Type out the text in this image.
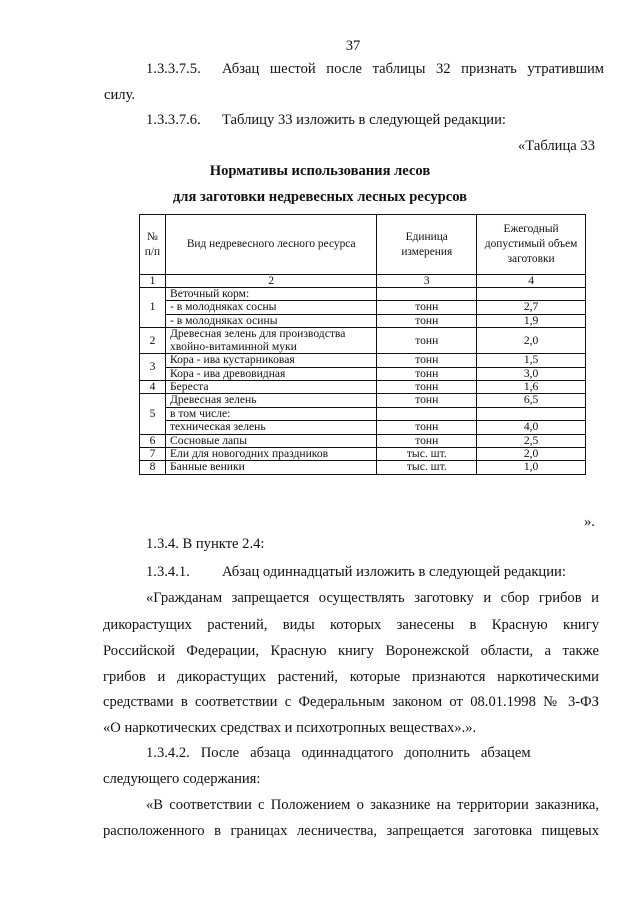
37
1.3.3.7.5. Абзац шестой после таблицы 32 признать утратившим
силу.
1.3.3.7.6. Таблицу 33 изложить в следующей редакции:
«Таблица 33
Нормативы использования лесов
для заготовки недревесных лесных ресурсов
№ п/п	Вид недревесного лесного ресурса	Единица измерения	Ежегодный допустимый объем заготовки
1	2	3	4
1	Веточный корм:		
	- в молодняках сосны	тонн	2,7
	- в молодняках осины	тонн	1,9
2	Древесная зелень для производства хвойно-витаминной муки	тонн	2,0
3	Кора - ива кустарниковая	тонн	1,5
	Кора - ива древовидная	тонн	3,0
4	Береста	тонн	1,6
5	Древесная зелень	тонн	6,5
	в том числе:		
	техническая зелень	тонн	4,0
6	Сосновые лапы	тонн	2,5
7	Ели для новогодних праздников	тыс. шт.	2,0
8	Банные веники	тыс. шт.	1,0
».
1.3.4. В пункте 2.4:
1.3.4.1. Абзац одиннадцатый изложить в следующей редакции:
«Гражданам запрещается осуществлять заготовку и сбор грибов и
дикорастущих растений, виды которых занесены в Красную книгу
Российской Федерации, Красную книгу Воронежской области, а также
грибов и дикорастущих растений, которые признаются наркотическими
средствами в соответствии с Федеральным законом от 08.01.1998 № 3-ФЗ
«О наркотических средствах и психотропных веществах».».
1.3.4.2.   После   абзаца   одиннадцатого   дополнить   абзацем
следующего содержания:
«В соответствии с Положением о заказнике на территории заказника,
расположенного в границах лесничества, запрещается заготовка пищевых
